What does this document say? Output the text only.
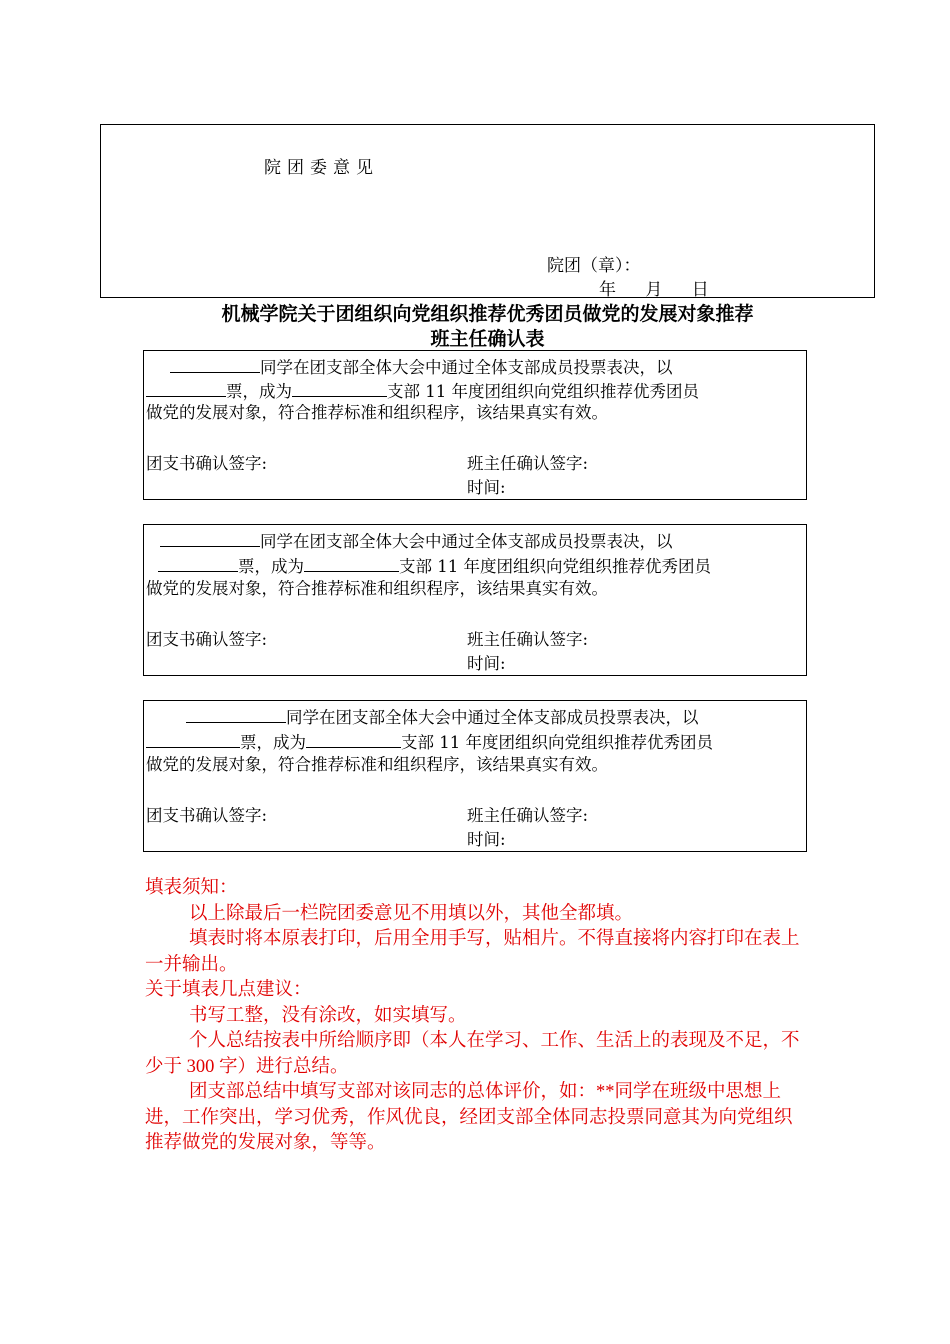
院团委意见
院团（章）：
年 月 日
机械学院关于团组织向党组织推荐优秀团员做党的发展对象推荐
班主任确认表
同学在团支部全体大会中通过全体支部成员投票表决，以
票，成为	支部 11 年度团组织向党组织推荐优秀团员
做党的发展对象，符合推荐标准和组织程序，该结果真实有效。
团支书确认签字:	班主任确认签字:
时间:
同学在团支部全体大会中通过全体支部成员投票表决，以
票，成为	支部 11 年度团组织向党组织推荐优秀团员
做党的发展对象，符合推荐标准和组织程序，该结果真实有效。
团支书确认签字:	班主任确认签字:
时间:
同学在团支部全体大会中通过全体支部成员投票表决，以
票，成为	支部 11 年度团组织向党组织推荐优秀团员
做党的发展对象，符合推荐标准和组织程序，该结果真实有效。
团支书确认签字:	班主任确认签字:
时间:

填表须知：

以上除最后一栏院团委意见不用填以外，其他全都填。

填表时将本原表打印，后用全用手写，贴相片。不得直接将内容打印在表上一并输出。

关于填表几点建议：

书写工整，没有涂改，如实填写。

个人总结按表中所给顺序即（本人在学习、工作、生活上的表现及不足，不少于 300 字）进行总结。

团支部总结中填写支部对该同志的总体评价，如：**同学在班级中思想上进，工作突出，学习优秀，作风优良，经团支部全体同志投票同意其为向党组织推荐做党的发展对象，等等。
